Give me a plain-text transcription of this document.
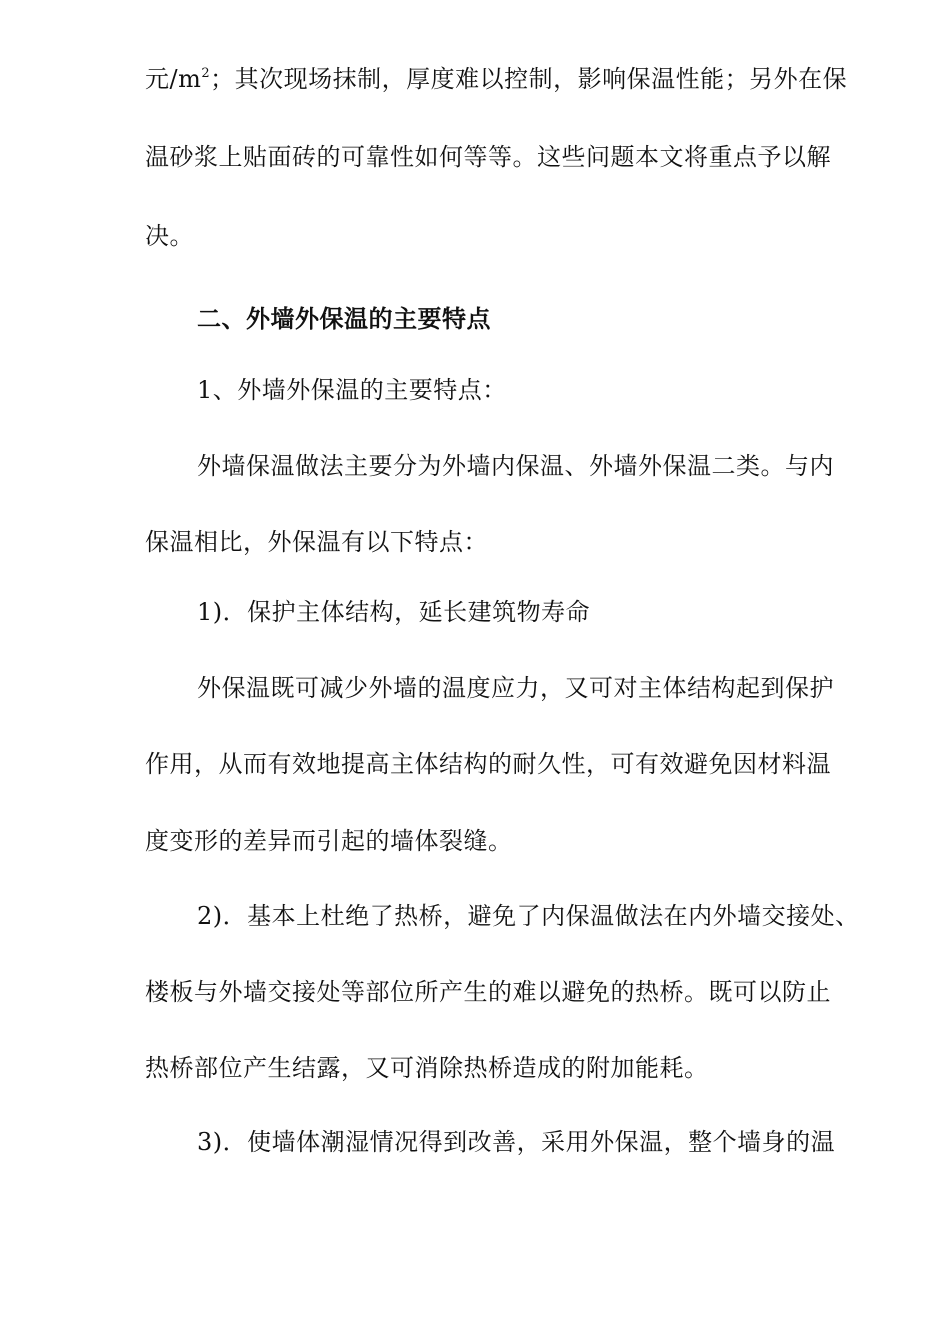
元$/m^2$；其次现场抹制，厚度难以控制，影响保温性能；另外在保
温砂浆上贴面砖的可靠性如何等等。这些问题本文将重点予以解
决。
二、外墙外保温的主要特点
1、外墙外保温的主要特点：
外墙保温做法主要分为外墙内保温、外墙外保温二类。与内
保温相比，外保温有以下特点：
1)．保护主体结构，延长建筑物寿命
外保温既可减少外墙的温度应力，又可对主体结构起到保护
作用，从而有效地提高主体结构的耐久性，可有效避免因材料温
度变形的差异而引起的墙体裂缝。
2)．基本上杜绝了热桥，避免了内保温做法在内外墙交接处、
楼板与外墙交接处等部位所产生的难以避免的热桥。既可以防止
热桥部位产生结露，又可消除热桥造成的附加能耗。
3)．使墙体潮湿情况得到改善，采用外保温，整个墙身的温
